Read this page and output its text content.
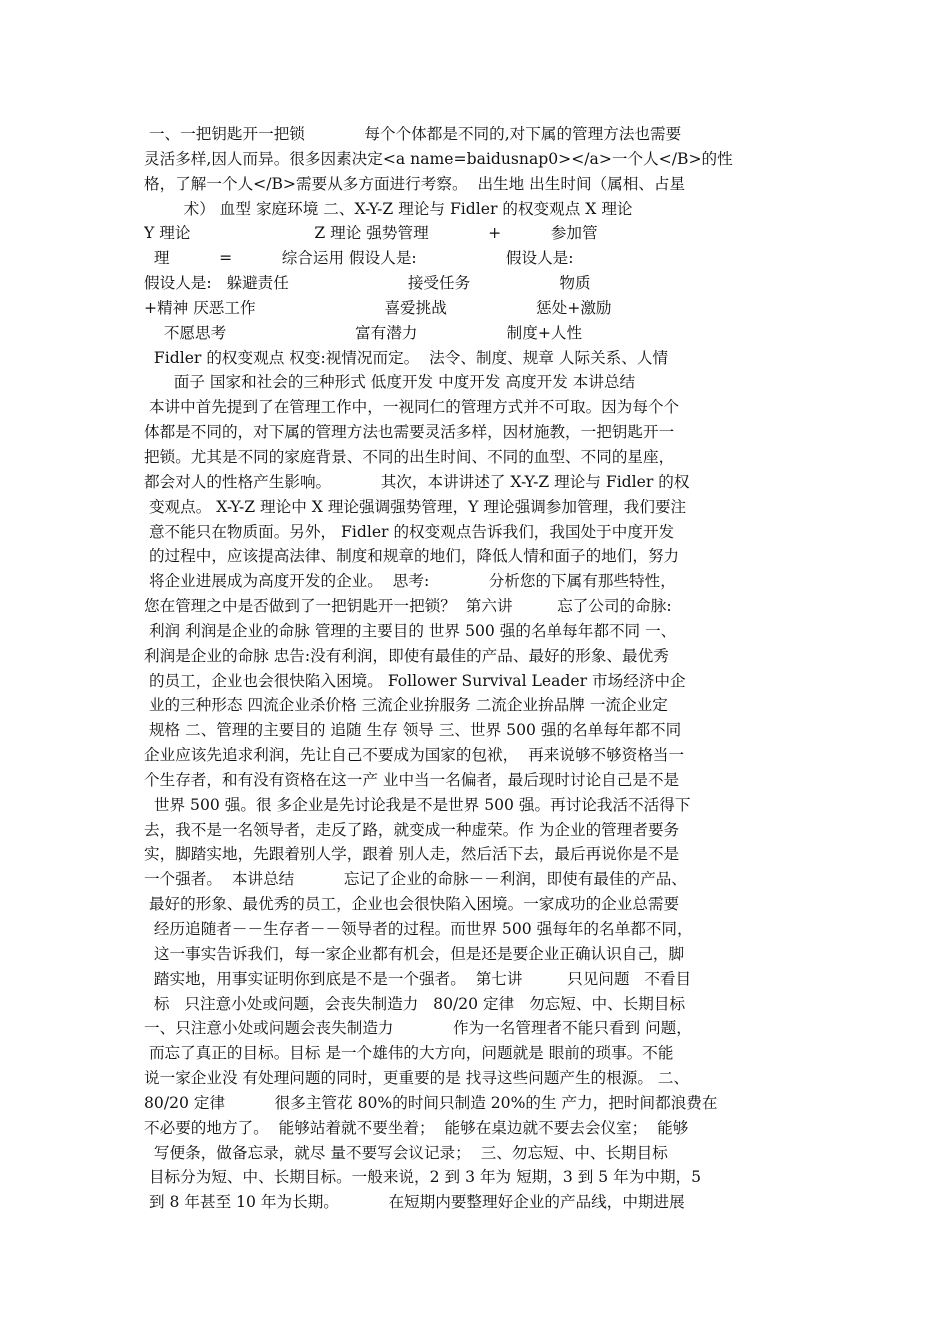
一、一把钥匙开一把锁            每个个体都是不同的,对下属的管理方法也需要
灵活多样,因人而异。很多因素决定<a name=baidusnap0></a>一个人</B>的性
格，了解一个人</B>需要从多方面进行考察。  出生地 出生时间（属相、占星
术） 血型 家庭环境 二、X-Y-Z 理论与 Fidler 的权变观点 X 理论
Y 理论                         Z 理论 强势管理            +          参加管
理          =          综合运用 假设人是:                  假设人是:
假设人是:   躲避责任                        接受任务                  物质
+精神 厌恶工作                          喜爱挑战                  惩处+激励
不愿思考                          富有潜力                  制度+人性
Fidler 的权变观点 权变:视情况而定。  法令、制度、规章 人际关系、人情
面子 国家和社会的三种形式 低度开发 中度开发 高度开发 本讲总结
本讲中首先提到了在管理工作中，一视同仁的管理方式并不可取。因为每个个
体都是不同的，对下属的管理方法也需要灵活多样，因材施教，一把钥匙开一
把锁。尤其是不同的家庭背景、不同的出生时间、不同的血型、不同的星座，
都会对人的性格产生影响。          其次，本讲讲述了 X-Y-Z 理论与 Fidler 的权
变观点。 X-Y-Z 理论中 X 理论强调强势管理，Y 理论强调参加管理，我们要注
意不能只在物质面。另外， Fidler 的权变观点告诉我们，我国处于中度开发
的过程中，应该提高法律、制度和规章的地们，降低人情和面子的地们，努力
将企业进展成为高度开发的企业。  思考:            分析您的下属有那些特性，
您在管理之中是否做到了一把钥匙开一把锁？  第六讲         忘了公司的命脉:
利润 利润是企业的命脉 管理的主要目的 世界 500 强的名单每年都不同 一、
利润是企业的命脉 忠告:没有利润，即使有最佳的产品、最好的形象、最优秀
的员工，企业也会很快陷入困境。 Follower Survival Leader 市场经济中企
业的三种形态 四流企业杀价格 三流企业拚服务 二流企业拚品牌 一流企业定
规格 二、管理的主要目的 追随 生存 领导 三、世界 500 强的名单每年都不同
企业应该先追求利润，先让自己不要成为国家的包袱，  再来说够不够资格当一
个生存者，和有没有资格在这一产 业中当一名偏者，最后现时讨论自己是不是
世界 500 强。很 多企业是先讨论我是不是世界 500 强。再讨论我活不活得下
去，我不是一名领导者，走反了路，就变成一种虚荣。作 为企业的管理者要务
实，脚踏实地，先跟着别人学，跟着 别人走，然后活下去，最后再说你是不是
一个强者。  本讲总结          忘记了企业的命脉－－利润，即使有最佳的产品、
最好的形象、最优秀的员工，企业也会很快陷入困境。一家成功的企业总需要
经历追随者－－生存者－－领导者的过程。而世界 500 强每年的名单都不同，
这一事实告诉我们，每一家企业都有机会，但是还是要企业正确认识自己，脚
踏实地，用事实证明你到底是不是一个强者。  第七讲         只见问题   不看目
标   只注意小处或问题，会丧失制造力   80/20 定律   勿忘短、中、长期目标
一、只注意小处或问题会丧失制造力            作为一名管理者不能只看到 问题，
而忘了真正的目标。目标 是一个雄伟的大方向，问题就是 眼前的琐事。不能
说一家企业没 有处理问题的同时，更重要的是 找寻这些问题产生的根源。 二、
80/20 定律          很多主管花 80%的时间只制造 20%的生 产力，把时间都浪费在
不必要的地方了。  能够站着就不要坐着；  能够在桌边就不要去会仪室；  能够
写便条，做备忘录，就尽 量不要写会议记录；  三、勿忘短、中、长期目标
目标分为短、中、长期目标。一般来说，2 到 3 年为 短期，3 到 5 年为中期，5
到 8 年甚至 10 年为长期。          在短期内要整理好企业的产品线，中期进展
